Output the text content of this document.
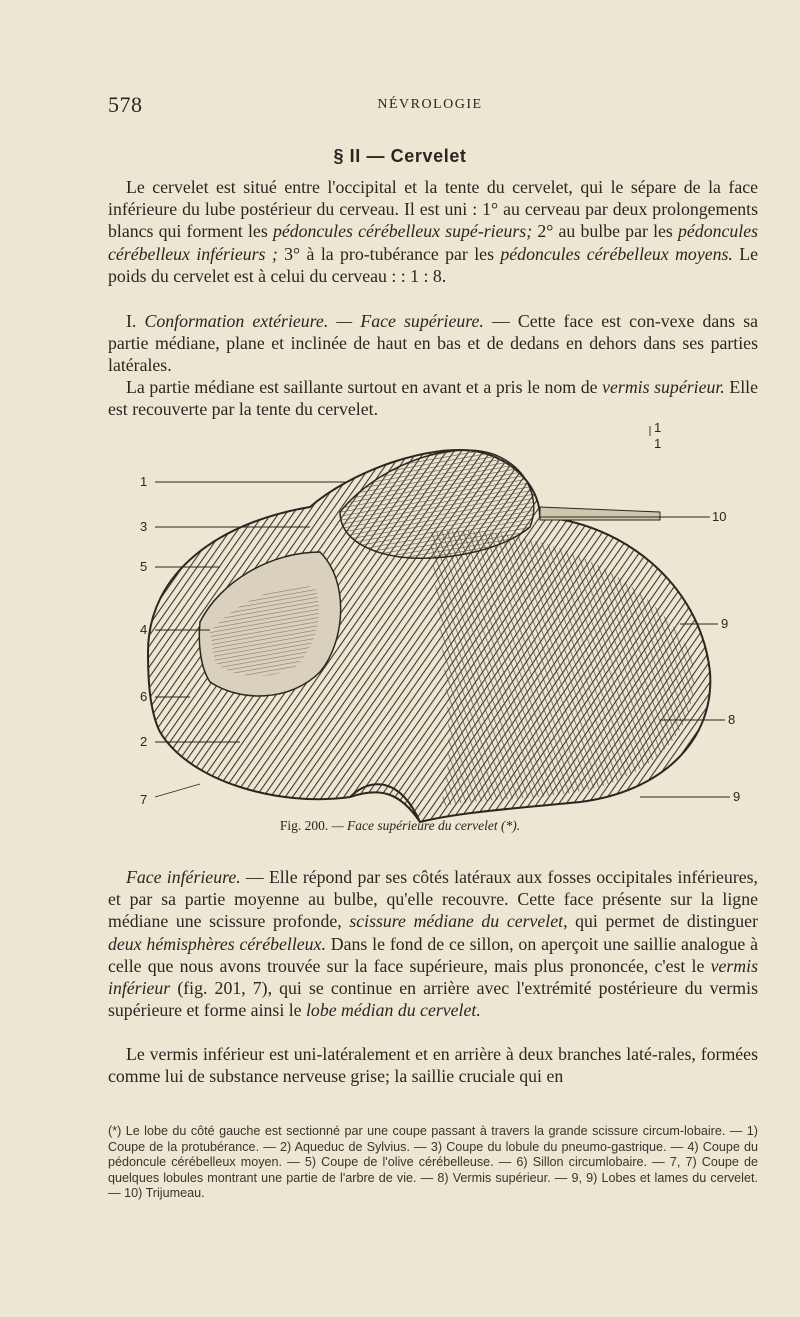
578	NÉVROLOGIE
§ II — Cervelet

Le cervelet est situé entre l'occipital et la tente du cervelet, qui le sépare de la face inférieure du lube postérieur du cerveau. Il est uni : 1° au cerveau par deux prolongements blancs qui forment les pédoncules cérébelleux supé-rieurs; 2° au bulbe par les pédoncules cérébelleux inférieurs ; 3° à la pro-tubérance par les pédoncules cérébelleux moyens. Le poids du cervelet est à celui du cerveau : : 1 : 8.

I. Conformation extérieure. — Face supérieure. — Cette face est con-vexe dans sa partie médiane, plane et inclinée de haut en bas et de dedans en dehors dans ses parties latérales.

La partie médiane est saillante surtout en avant et a pris le nom de vermis supérieur. Elle est recouverte par la tente du cervelet.

1
3
5
4
6
2
7
1
1
10
9
8
9
Fig. 200. — Face supérieure du cervelet (*).

Face inférieure. — Elle répond par ses côtés latéraux aux fosses occipitales inférieures, et par sa partie moyenne au bulbe, qu'elle recouvre. Cette face présente sur la ligne médiane une scissure profonde, scissure médiane du cervelet, qui permet de distinguer deux hémisphères cérébelleux. Dans le fond de ce sillon, on aperçoit une saillie analogue à celle que nous avons trouvée sur la face supérieure, mais plus prononcée, c'est le vermis inférieur (fig. 201, 7), qui se continue en arrière avec l'extrémité postérieure du vermis supérieure et forme ainsi le lobe médian du cervelet.

Le vermis inférieur est uni-latéralement et en arrière à deux branches laté-rales, formées comme lui de substance nerveuse grise; la saillie cruciale qui en

(*) Le lobe du côté gauche est sectionné par une coupe passant à travers la grande scissure circum-lobaire. — 1) Coupe de la protubérance. — 2) Aqueduc de Sylvius. — 3) Coupe du lobule du pneumo-gastrique. — 4) Coupe du pédoncule cérébelleux moyen. — 5) Coupe de l'olive cérébelleuse. — 6) Sillon circumlobaire. — 7, 7) Coupe de quelques lobules montrant une partie de l'arbre de vie. — 8) Vermis supérieur. — 9, 9) Lobes et lames du cervelet. — 10) Trijumeau.
